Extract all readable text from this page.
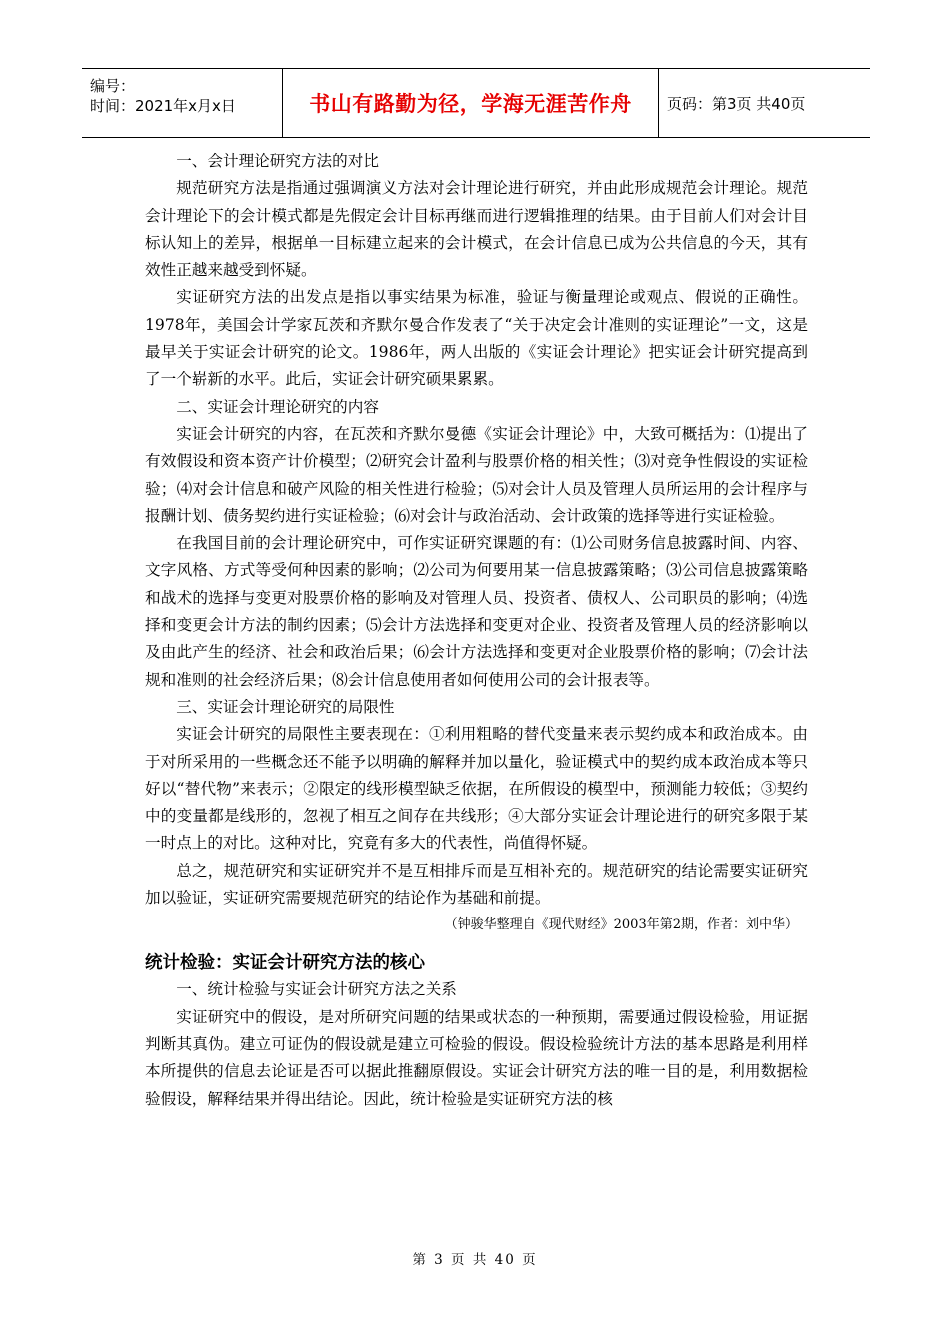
编号：
时间：2021年x月x日	书山有路勤为径，学海无涯苦作舟	页码：第3页 共40页

一、会计理论研究方法的对比

规范研究方法是指通过强调演义方法对会计理论进行研究，并由此形成规范会计理论。规范会计理论下的会计模式都是先假定会计目标再继而进行逻辑推理的结果。由于目前人们对会计目标认知上的差异，根据单一目标建立起来的会计模式，在会计信息已成为公共信息的今天，其有效性正越来越受到怀疑。

实证研究方法的出发点是指以事实结果为标准，验证与衡量理论或观点、假说的正确性。1978年，美国会计学家瓦茨和齐默尔曼合作发表了“关于决定会计准则的实证理论”一文，这是最早关于实证会计研究的论文。1986年，两人出版的《实证会计理论》把实证会计研究提高到了一个崭新的水平。此后，实证会计研究硕果累累。

二、实证会计理论研究的内容

实证会计研究的内容，在瓦茨和齐默尔曼德《实证会计理论》中，大致可概括为：⑴提出了有效假设和资本资产计价模型；⑵研究会计盈利与股票价格的相关性；⑶对竞争性假设的实证检验；⑷对会计信息和破产风险的相关性进行检验；⑸对会计人员及管理人员所运用的会计程序与报酬计划、债务契约进行实证检验；⑹对会计与政治活动、会计政策的选择等进行实证检验。

在我国目前的会计理论研究中，可作实证研究课题的有：⑴公司财务信息披露时间、内容、文字风格、方式等受何种因素的影响；⑵公司为何要用某一信息披露策略；⑶公司信息披露策略和战术的选择与变更对股票价格的影响及对管理人员、投资者、债权人、公司职员的影响；⑷选择和变更会计方法的制约因素；⑸会计方法选择和变更对企业、投资者及管理人员的经济影响以及由此产生的经济、社会和政治后果；⑹会计方法选择和变更对企业股票价格的影响；⑺会计法规和准则的社会经济后果；⑻会计信息使用者如何使用公司的会计报表等。

三、实证会计理论研究的局限性

实证会计研究的局限性主要表现在：①利用粗略的替代变量来表示契约成本和政治成本。由于对所采用的一些概念还不能予以明确的解释并加以量化，验证模式中的契约成本政治成本等只好以“替代物”来表示；②限定的线形模型缺乏依据，在所假设的模型中，预测能力较低；③契约中的变量都是线形的，忽视了相互之间存在共线形；④大部分实证会计理论进行的研究多限于某一时点上的对比。这种对比，究竟有多大的代表性，尚值得怀疑。

总之，规范研究和实证研究并不是互相排斥而是互相补充的。规范研究的结论需要实证研究加以验证，实证研究需要规范研究的结论作为基础和前提。

（钟骏华整理自《现代财经》2003年第2期，作者：刘中华）

统计检验：实证会计研究方法的核心

一、统计检验与实证会计研究方法之关系

实证研究中的假设，是对所研究问题的结果或状态的一种预期，需要通过假设检验，用证据判断其真伪。建立可证伪的假设就是建立可检验的假设。假设检验统计方法的基本思路是利用样本所提供的信息去论证是否可以据此推翻原假设。实证会计研究方法的唯一目的是，利用数据检验假设，解释结果并得出结论。因此，统计检验是实证研究方法的核

第 3 页 共 40 页
